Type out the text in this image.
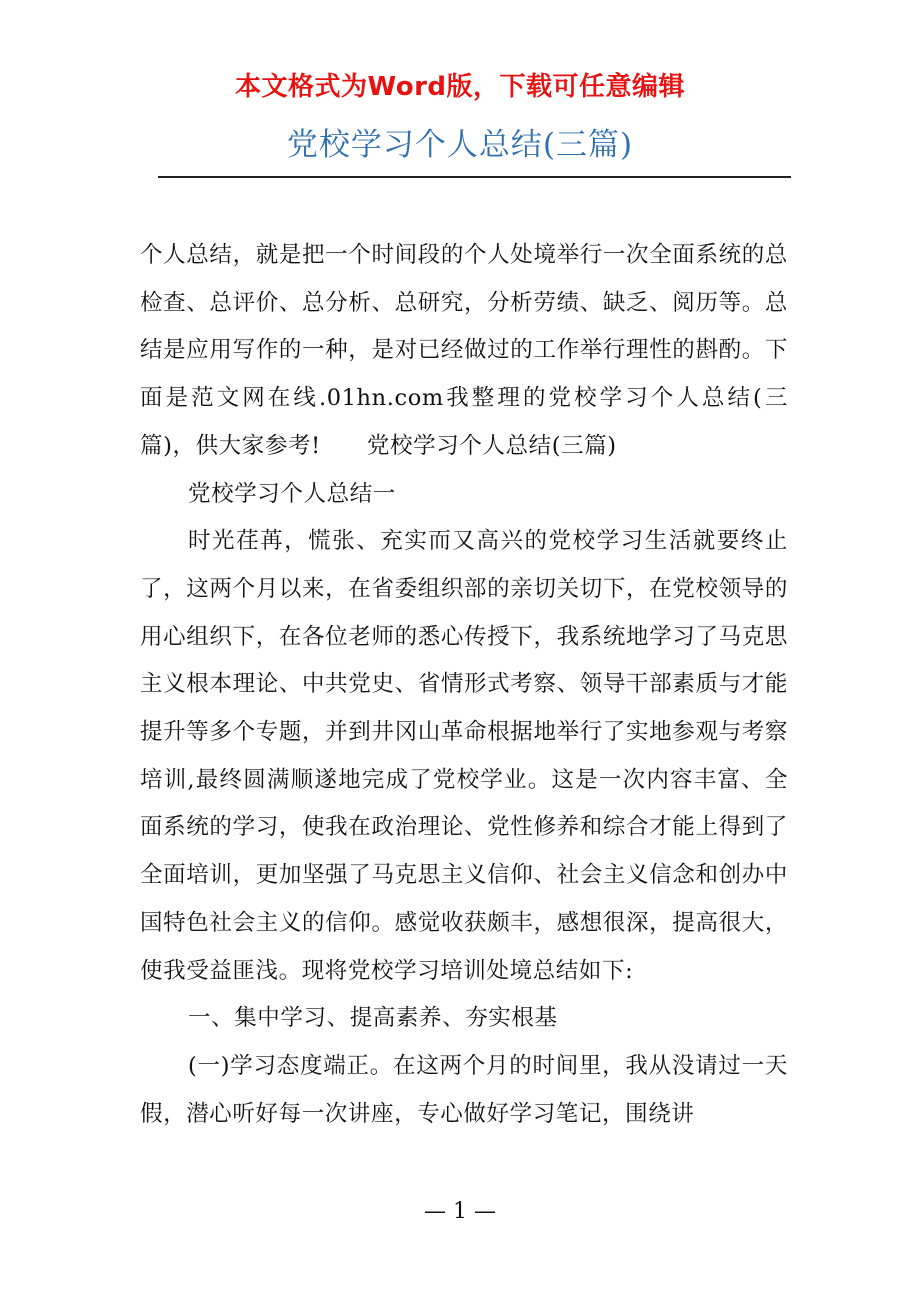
本文格式为Word版，下载可任意编辑
党校学习个人总结(三篇)

个人总结，就是把一个时间段的个人处境举行一次全面系统的总检查、总评价、总分析、总研究，分析劳绩、缺乏、阅历等。总结是应用写作的一种，是对已经做过的工作举行理性的斟酌。下面是范文网在线.01hn.com我整理的党校学习个人总结(三篇)，供大家参考!　　党校学习个人总结(三篇)

党校学习个人总结一

时光荏苒，慌张、充实而又高兴的党校学习生活就要终止了，这两个月以来，在省委组织部的亲切关切下，在党校领导的用心组织下，在各位老师的悉心传授下，我系统地学习了马克思主义根本理论、中共党史、省情形式考察、领导干部素质与才能提升等多个专题，并到井冈山革命根据地举行了实地参观与考察培训,最终圆满顺遂地完成了党校学业。这是一次内容丰富、全面系统的学习，使我在政治理论、党性修养和综合才能上得到了全面培训，更加坚强了马克思主义信仰、社会主义信念和创办中国特色社会主义的信仰。感觉收获颇丰，感想很深，提高很大，使我受益匪浅。现将党校学习培训处境总结如下:

一、集中学习、提高素养、夯实根基

(一)学习态度端正。在这两个月的时间里，我从没请过一天假，潜心听好每一次讲座，专心做好学习笔记，围绕讲

— 1 —
